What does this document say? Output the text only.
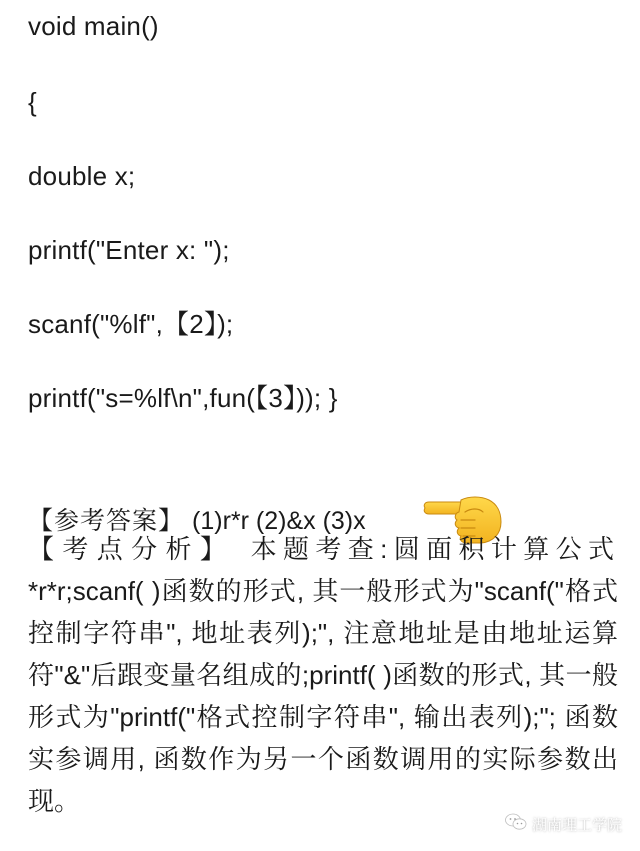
void main()
{
double x;
printf("Enter x: ");
scanf("%lf",【2】);
printf("s=%lf\n",fun(【3】)); }
【参考答案】 (1)r*r (2)&x (3)x

【考点分析】 本题考查:圆面积计算公式*r*r;scanf( )函数的形式, 其一般形式为"scanf("格式控制字符串", 地址表列);", 注意地址是由地址运算符"&"后跟变量名组成的;printf( )函数的形式, 其一般形式为"printf("格式控制字符串", 输出表列);"; 函数实参调用, 函数作为另一个函数调用的实际参数出现。
湖南理工学院
